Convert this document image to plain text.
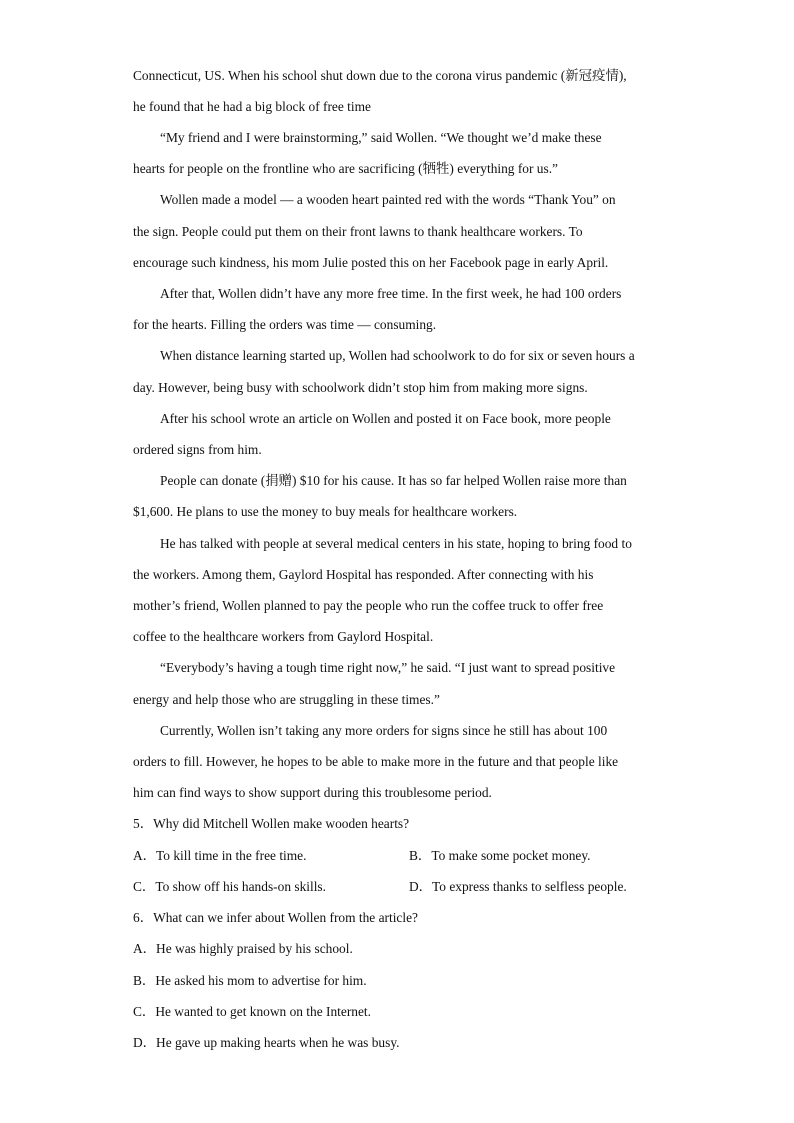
Connecticut, US. When his school shut down due to the corona virus pandemic (新冠疫情),
he found that he had a big block of free time
“My friend and I were brainstorming,” said Wollen. “We thought we’d make these
hearts for people on the frontline who are sacrificing (牺牲) everything for us.”
Wollen made a model — a wooden heart painted red with the words “Thank You” on
the sign. People could put them on their front lawns to thank healthcare workers. To
encourage such kindness, his mom Julie posted this on her Facebook page in early April.
After that, Wollen didn’t have any more free time. In the first week, he had 100 orders
for the hearts. Filling the orders was time — consuming.
When distance learning started up, Wollen had schoolwork to do for six or seven hours a
day. However, being busy with schoolwork didn’t stop him from making more signs.
After his school wrote an article on Wollen and posted it on Face book, more people
ordered signs from him.
People can donate (捐赠) $10 for his cause. It has so far helped Wollen raise more than
$1,600. He plans to use the money to buy meals for healthcare workers.
He has talked with people at several medical centers in his state, hoping to bring food to
the workers. Among them, Gaylord Hospital has responded. After connecting with his
mother’s friend, Wollen planned to pay the people who run the coffee truck to offer free
coffee to the healthcare workers from Gaylord Hospital.
“Everybody’s having a tough time right now,” he said. “I just want to spread positive
energy and help those who are struggling in these times.”
Currently, Wollen isn’t taking any more orders for signs since he still has about 100
orders to fill. However, he hopes to be able to make more in the future and that people like
him can find ways to show support during this troublesome period.
5．Why did Mitchell Wollen make wooden hearts?
A．To kill time in the free time.	B．To make some pocket money.
C．To show off his hands-on skills.	D．To express thanks to selfless people.
6．What can we infer about Wollen from the article?
A．He was highly praised by his school.
B．He asked his mom to advertise for him.
C．He wanted to get known on the Internet.
D．He gave up making hearts when he was busy.
